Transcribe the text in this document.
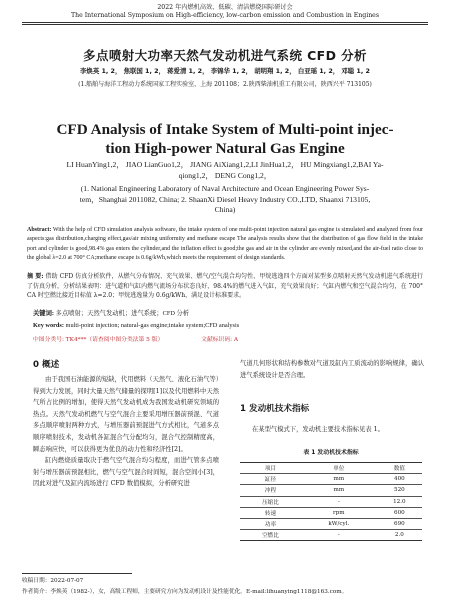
2022 年内燃机高效、低碳、清洁燃烧国际研讨会
The International Symposium on High-efficiency, low-carbon emission and Combustion in Engines
多点喷射大功率天然气发动机进气系统 CFD 分析
李焕英 1, 2， 焦联国 1, 2， 蒋爱清 1, 2， 李锦华 1, 2， 胡明翔 1, 2， 白亚瑶 1, 2， 邓聪 1, 2
(1.船舶与海洋工程动力系统国家工程实验室，上海 201108；2.陕西柴油机重工有限公司，陕西兴平 713105)
CFD Analysis of Intake System of Multi-point injec-
tion High-power Natural Gas Engine
LI HuanYing1,2， JIAO LianGuo1,2， JIANG AiXiang1,2,LI JinHua1,2， HU Mingxiang1,2,BAI Ya-
qiong1,2， DENG Cong1,2，
(1. National Engineering Laboratory of Naval Architecture and Ocean Engineering Power Sys-
tem，Shanghai 2011082, China; 2. ShaanXi Diesel Heavy Industry CO.,LTD, Shaanxi 713105,
China)
Abstract: With the help of CFD simulation analysis software, the intake system of one multi-point injection natural gas engine is simulated and analyzed from four aspects:gas distribution,charging effect,gas/air mixing uniformity and methane escape The analysis results show that the distribution of gas flow field in the intake port and cylinder is good,98.4% gas enters the cylinder,and the inflation effect is good;the gas and air in the cylinder are evenly mixed,and the air-fuel ratio close to the global λ=2.0 at 700° CA;methane escape is 0.6g/kWh,which meets the requirement of design standards.
摘 要: 借助 CFD 仿真分析软件，从燃气分布情况、充气效果、燃气/空气混合均匀性、甲烷逃逸四个方面对某型多点喷射天然气发动机进气系统进行了仿真分析，分析结果表明：进气道和气缸内燃气流场分布状态良好，98.4%的燃气进入气缸，充气效果良好；气缸内燃气和空气混合均匀，在 700° CA 时空燃比接近目标值 λ=2.0；甲烷逃逸量为 0.6g/kWh，满足设计标准要求。
关键词: 多点喷射；天然气发动机；进气系统；CFD 分析
Key words: multi-point injection; natural-gas engine;intake system;CFD analysis
中图分类号: TK4***（请查阅中图分类法第 5 版）	文献标识码: A
0 概述
由于我国石油能源的短缺，代用燃料（天然气、液化石油气等）得到大力发展，同时大量天然气储量的探明[1]以及代用燃料中天然气所占比例的增加，使得天然气发动机成为我国发动机研究领域的热点。天然气发动机燃气与空气混合主要采用增压器前预混、气道多点顺序喷射两种方式，与增压器前预混进气方式相比，气道多点顺序喷射技术，发动机各缸混合气分配均匀，混合气控制精度高，瞬态响应快，可以获得更为优良的动力性和经济性[2]。
缸内燃烧质量取决于燃气空气混合均匀程度，而进气管多点喷射与增压器前预混相比，燃气与空气混合时间短，混合空间小[3]，因此对进气及缸内流场进行 CFD 数值模拟，分析研究进
气道几何形状和结构参数对气道及缸内工质流动的影响规律，确认进气系统设计是否合理。
1 发动机技术指标
在某型气模式下，发动机主要技术指标见表 1。
表 1 发动机技术指标
项目	单位	数值
缸径	mm	400
冲程	mm	520
压缩比	-	12.0
转速	rpm	600
功率	kW/cyl.	690
空燃比	-	2.0
收稿日期：2022-07-07
作者简介：李焕英（1982-），女，高级工程师，主要研究方向为发动机设计及性能优化。E-mail:lihuanying1118@163.com。
